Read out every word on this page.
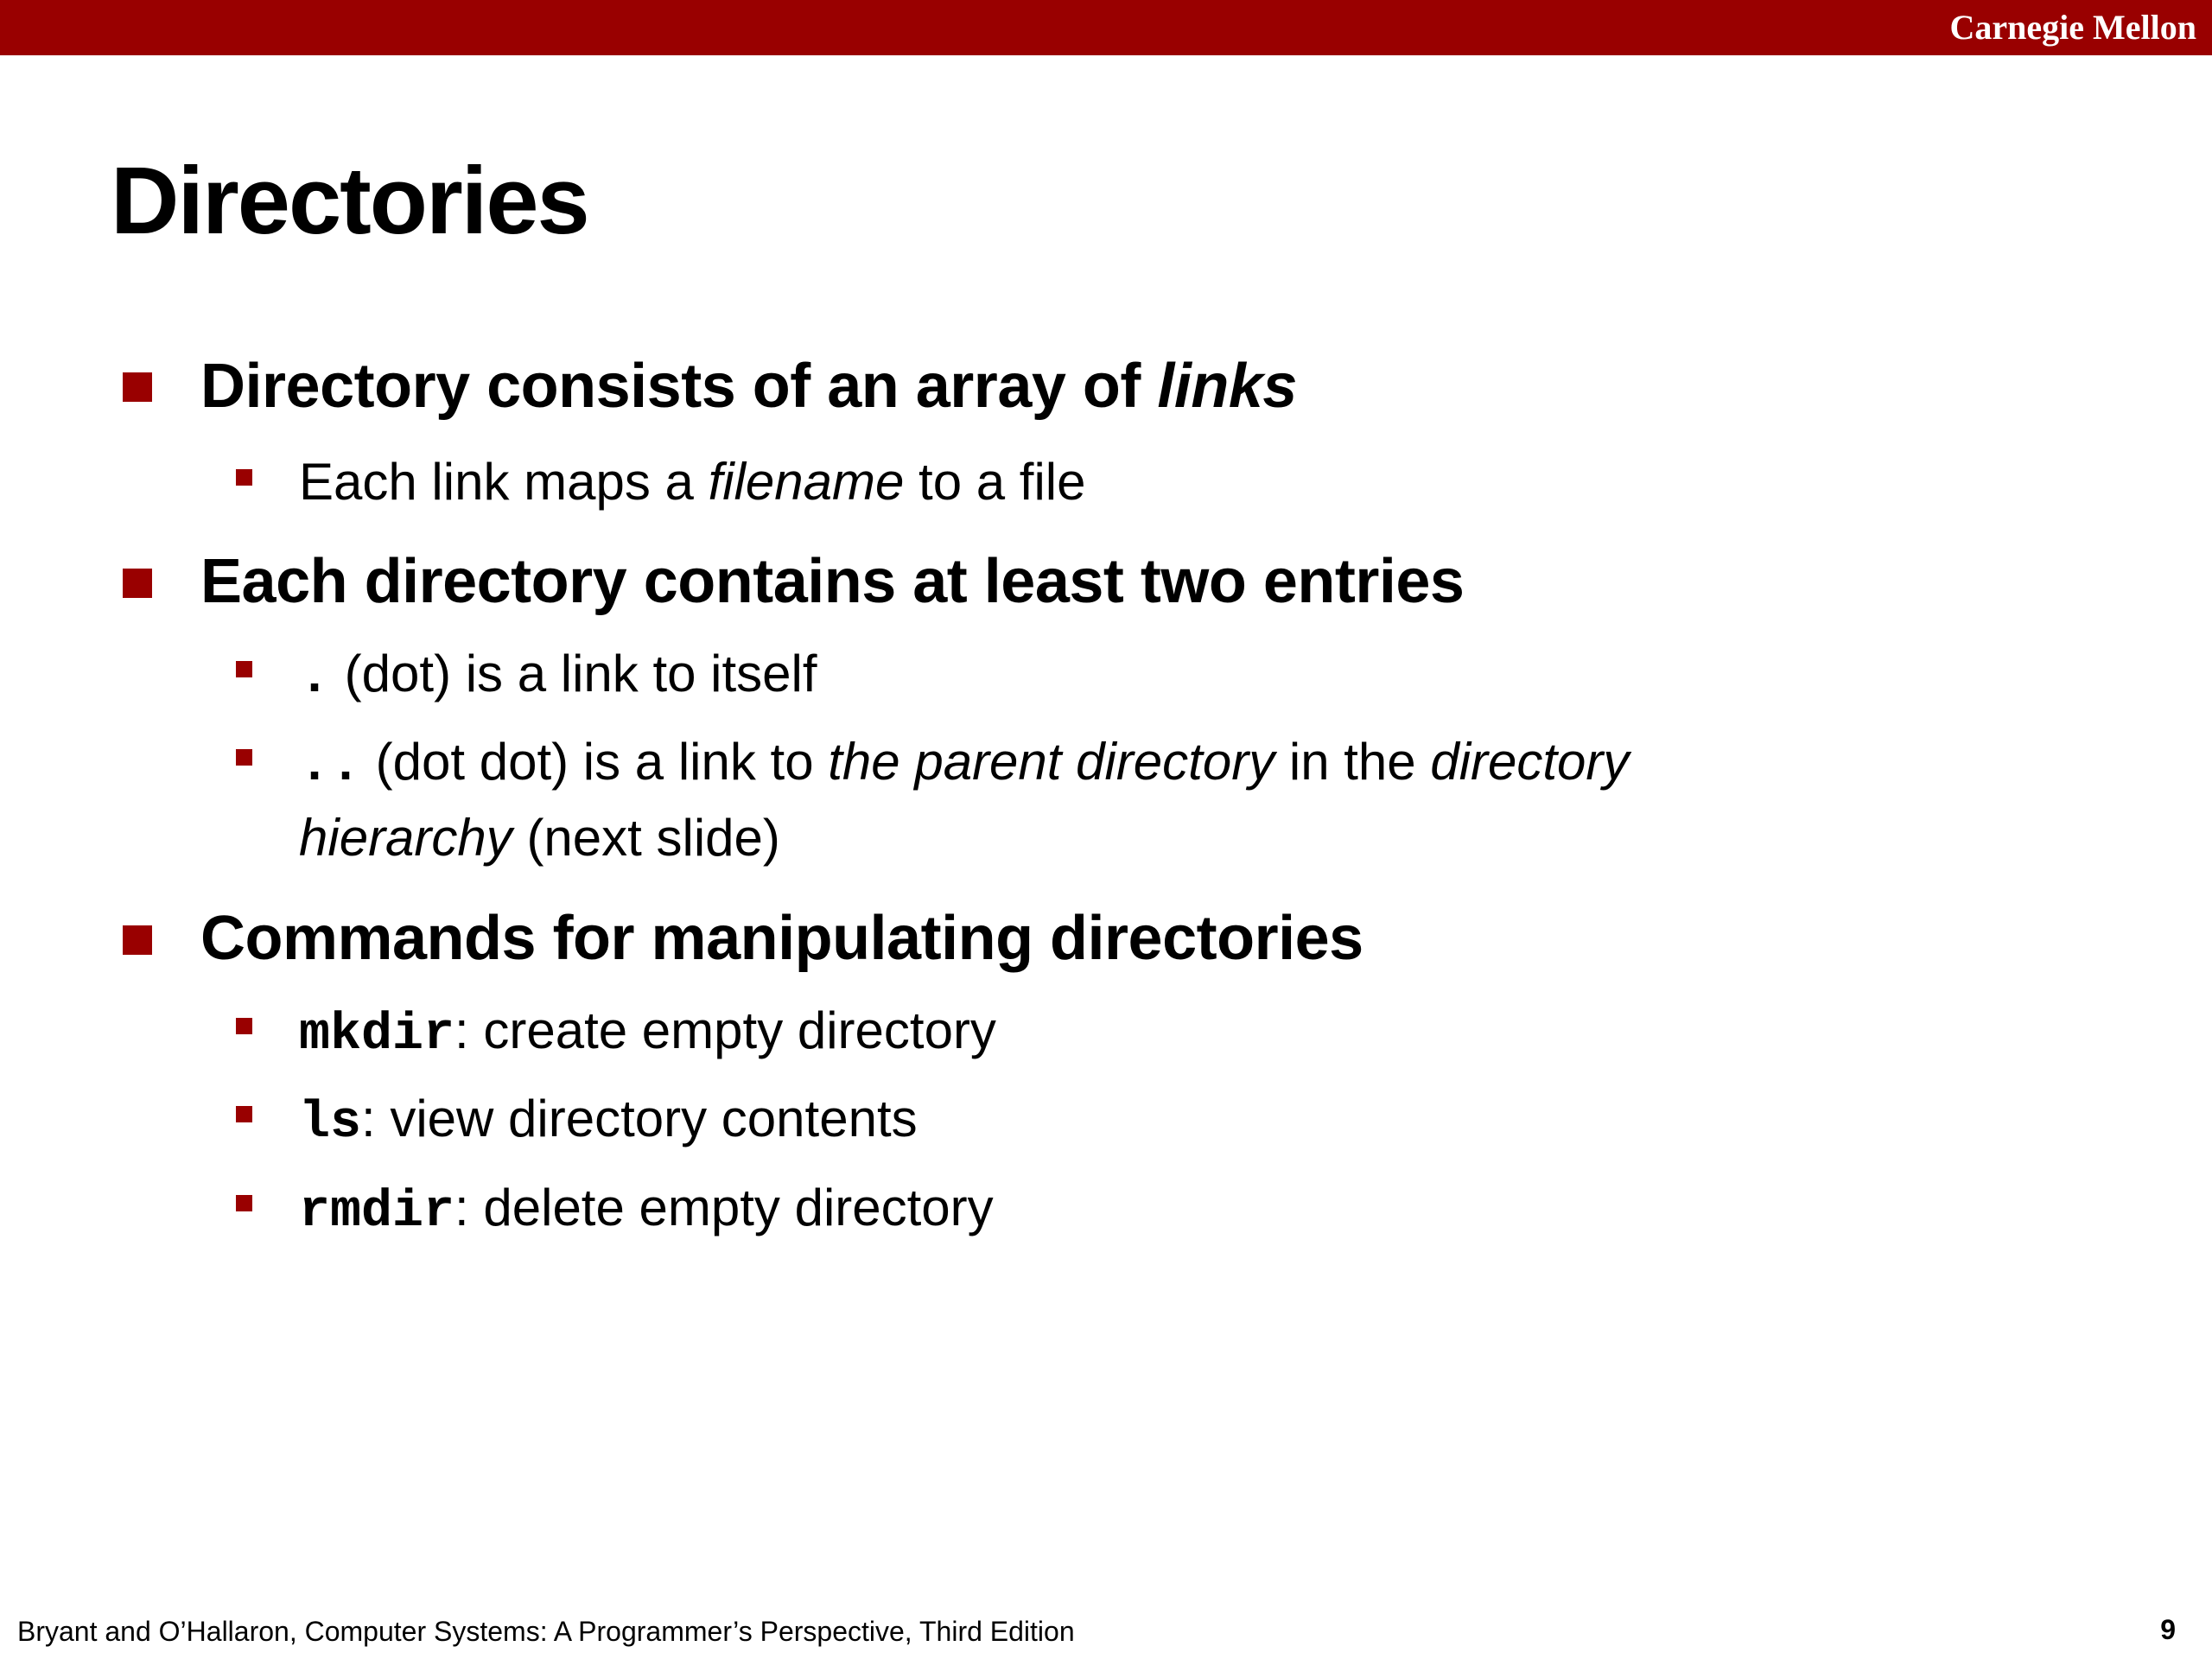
Carnegie Mellon
Directories
Directory consists of an array of links
Each link maps a filename to a file
Each directory contains at least two entries
. (dot) is a link to itself
.. (dot dot) is a link to the parent directory in the directory
hierarchy (next slide)
Commands for manipulating directories
mkdir: create empty directory
ls: view directory contents
rmdir: delete empty directory
Bryant and O’Hallaron, Computer Systems: A Programmer’s Perspective, Third Edition	9
